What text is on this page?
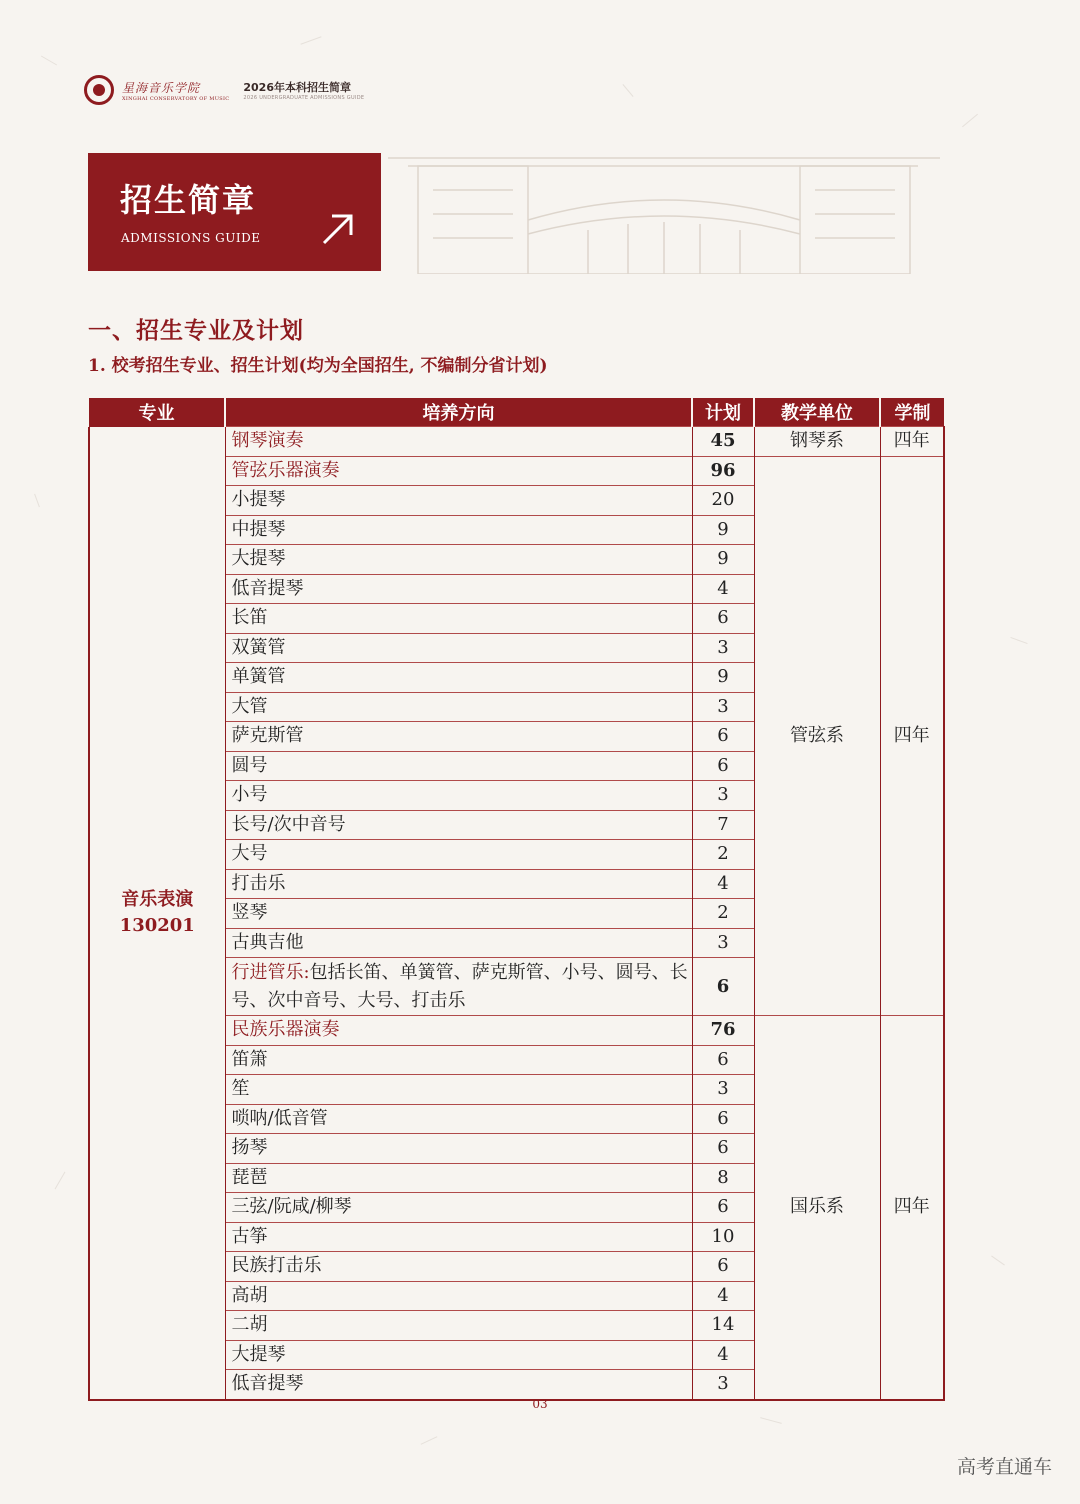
星海音乐学院
XINGHAI CONSERVATORY OF MUSIC
2026年本科招生简章
2026 UNDERGRADUATE ADMISSIONS GUIDE
招生简章
ADMISSIONS GUIDE
一、招生专业及计划
1. 校考招生专业、招生计划(均为全国招生, 不编制分省计划)
专业	培养方向	计划	教学单位	学制

音乐表演
130201	钢琴演奏	45	钢琴系	四年
	管弦乐器演奏	96	管弦系	四年
	小提琴	20		
	中提琴	9		
	大提琴	9		
	低音提琴	4		
	长笛	6		
	双簧管	3		
	单簧管	9		
	大管	3		
	萨克斯管	6		
	圆号	6		
	小号	3		
	长号/次中音号	7		
	大号	2		
	打击乐	4		
	竖琴	2		
	古典吉他	3		
	行进管乐:包括长笛、单簧管、萨克斯管、小号、圆号、长号、次中音号、大号、打击乐	6		
	民族乐器演奏	76	国乐系	四年
	笛箫	6		
	笙	3		
	唢呐/低音管	6		
	扬琴	6		
	琵琶	8		
	三弦/阮咸/柳琴	6		
	古筝	10		
	民族打击乐	6		
	高胡	4		
	二胡	14		
	大提琴	4		
	低音提琴	3		
03
高考直通车
